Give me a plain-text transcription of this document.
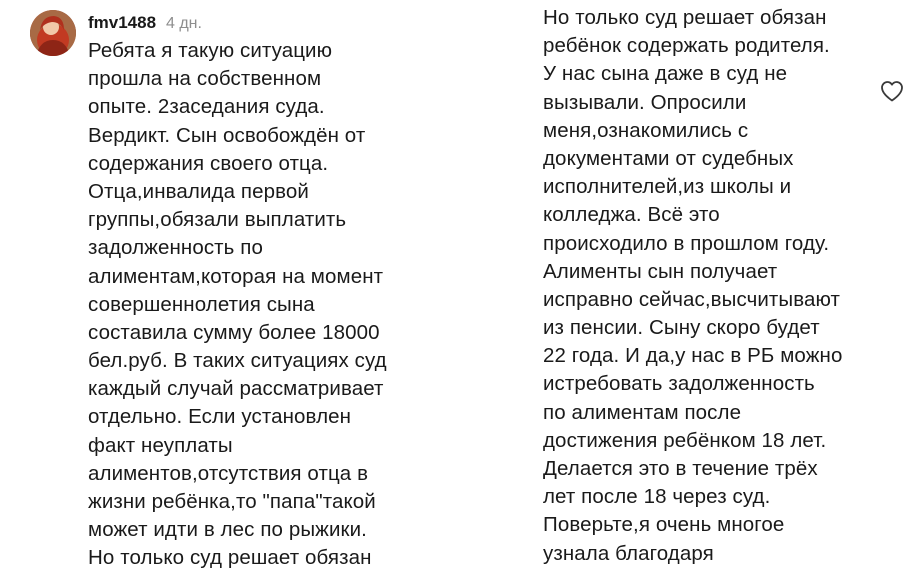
fmv1488 4 дн.
Ребята я такую ситуацию
прошла на собственном
опыте. 2заседания суда.
Вердикт. Сын освобождён от
содержания своего отца.
Отца,инвалида первой
группы,обязали выплатить
задолженность по
алиментам,которая на момент
совершеннолетия сына
составила сумму более 18000
бел.руб. В таких ситуациях суд
каждый случай рассматривает
отдельно. Если установлен
факт неуплаты
алиментов,отсутствия отца в
жизни ребёнка,то "папа"такой
может идти в лес по рыжики.
Но только суд решает обязан
Но только суд решает обязан
ребёнок содержать родителя.
У нас сына даже в суд не
вызывали. Опросили
меня,ознакомились с
документами от судебных
исполнителей,из школы и
колледжа. Всё это
происходило в прошлом году.
Алименты сын получает
исправно сейчас,высчитывают
из пенсии. Сыну скоро будет
22 года. И да,у нас в РБ можно
истребовать задолженность
по алиментам после
достижения ребёнком 18 лет.
Делается это в течение трёх
лет после 18 через суд.
Поверьте,я очень многое
узнала благодаря
